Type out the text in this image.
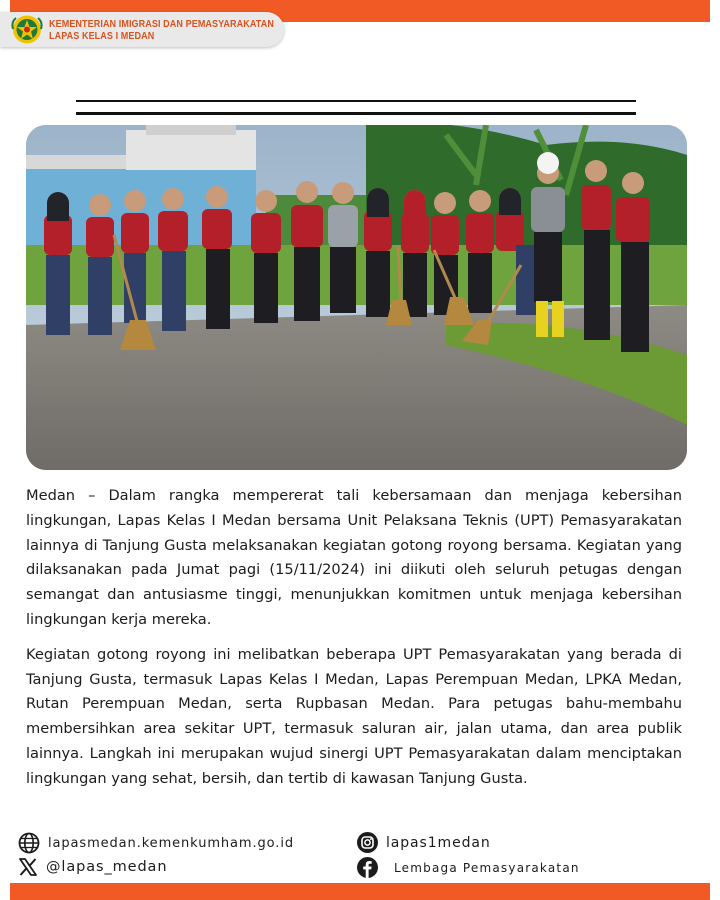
KEMENTERIAN IMIGRASI DAN PEMASYARAKATAN
LAPAS KELAS I MEDAN

Medan – Dalam rangka mempererat tali kebersamaan dan menjaga kebersihan lingkungan, Lapas Kelas I Medan bersama Unit Pelaksana Teknis (UPT) Pemasyarakatan lainnya di Tanjung Gusta melaksanakan kegiatan gotong royong bersama. Kegiatan yang dilaksanakan pada Jumat pagi (15/11/2024) ini diikuti oleh seluruh petugas dengan semangat dan antusiasme tinggi, menunjukkan komitmen untuk menjaga kebersihan lingkungan kerja mereka.

Kegiatan gotong royong ini melibatkan beberapa UPT Pemasyarakatan yang berada di Tanjung Gusta, termasuk Lapas Kelas I Medan, Lapas Perempuan Medan, LPKA Medan, Rutan Perempuan Medan, serta Rupbasan Medan. Para petugas bahu-membahu membersihkan area sekitar UPT, termasuk saluran air, jalan utama, dan area publik lainnya. Langkah ini merupakan wujud sinergi UPT Pemasyarakatan dalam menciptakan lingkungan yang sehat, bersih, dan tertib di kawasan Tanjung Gusta.

lapasmedan.kemenkumham.go.id
@lapas_medan
lapas1medan
Lembaga Pemasyarakatan
